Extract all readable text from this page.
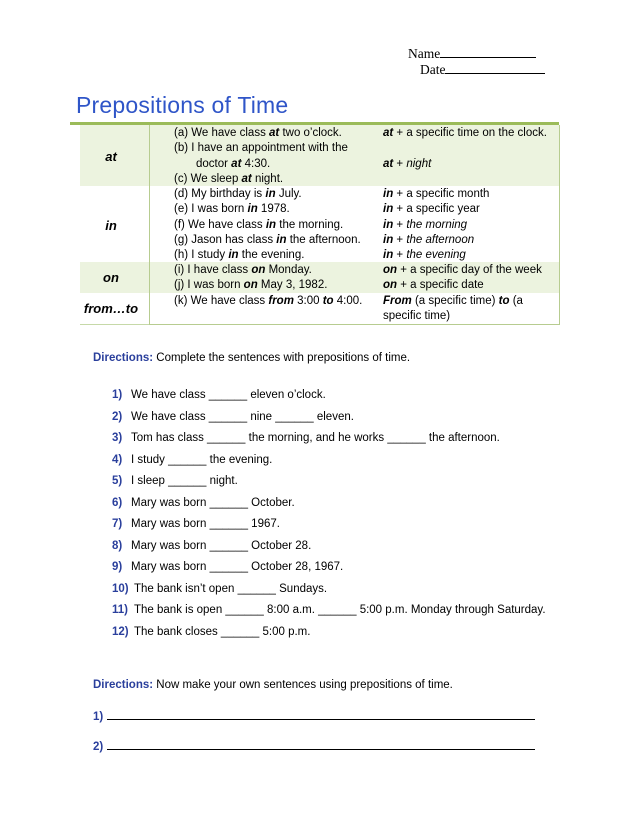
Name
Date
Prepositions of Time
at
(a) We have class at two o’clock.
(b) I have an appointment with the
doctor at 4:30.
(c) We sleep at night.
at + a specific time on the clock.
at + night
in
(d) My birthday is in July.
(e) I was born in 1978.
(f) We have class in the morning.
(g) Jason has class in the afternoon.
(h) I study in the evening.
in + a specific month
in + a specific year
in + the morning
in + the afternoon
in + the evening
on	(i) I have class on Monday.
(j) I was born on May 3, 1982.
on + a specific day of the week
on + a specific date
from…to	(k) We have class from 3:00 to 4:00. From (a specific time) to (a
specific time)
Directions: Complete the sentences with prepositions of time.
1) We have class ______ eleven o’clock.
2) We have class ______ nine ______ eleven.
3) Tom has class ______ the morning, and he works ______ the afternoon.
4) I study ______ the evening.
5) I sleep ______ night.
6) Mary was born ______ October.
7) Mary was born ______ 1967.
8) Mary was born ______ October 28.
9) Mary was born ______ October 28, 1967.
10) The bank isn’t open ______ Sundays.
11) The bank is open ______ 8:00 a.m. ______ 5:00 p.m. Monday through Saturday.
12) The bank closes ______ 5:00 p.m.
Directions: Now make your own sentences using prepositions of time.
1)
2)
